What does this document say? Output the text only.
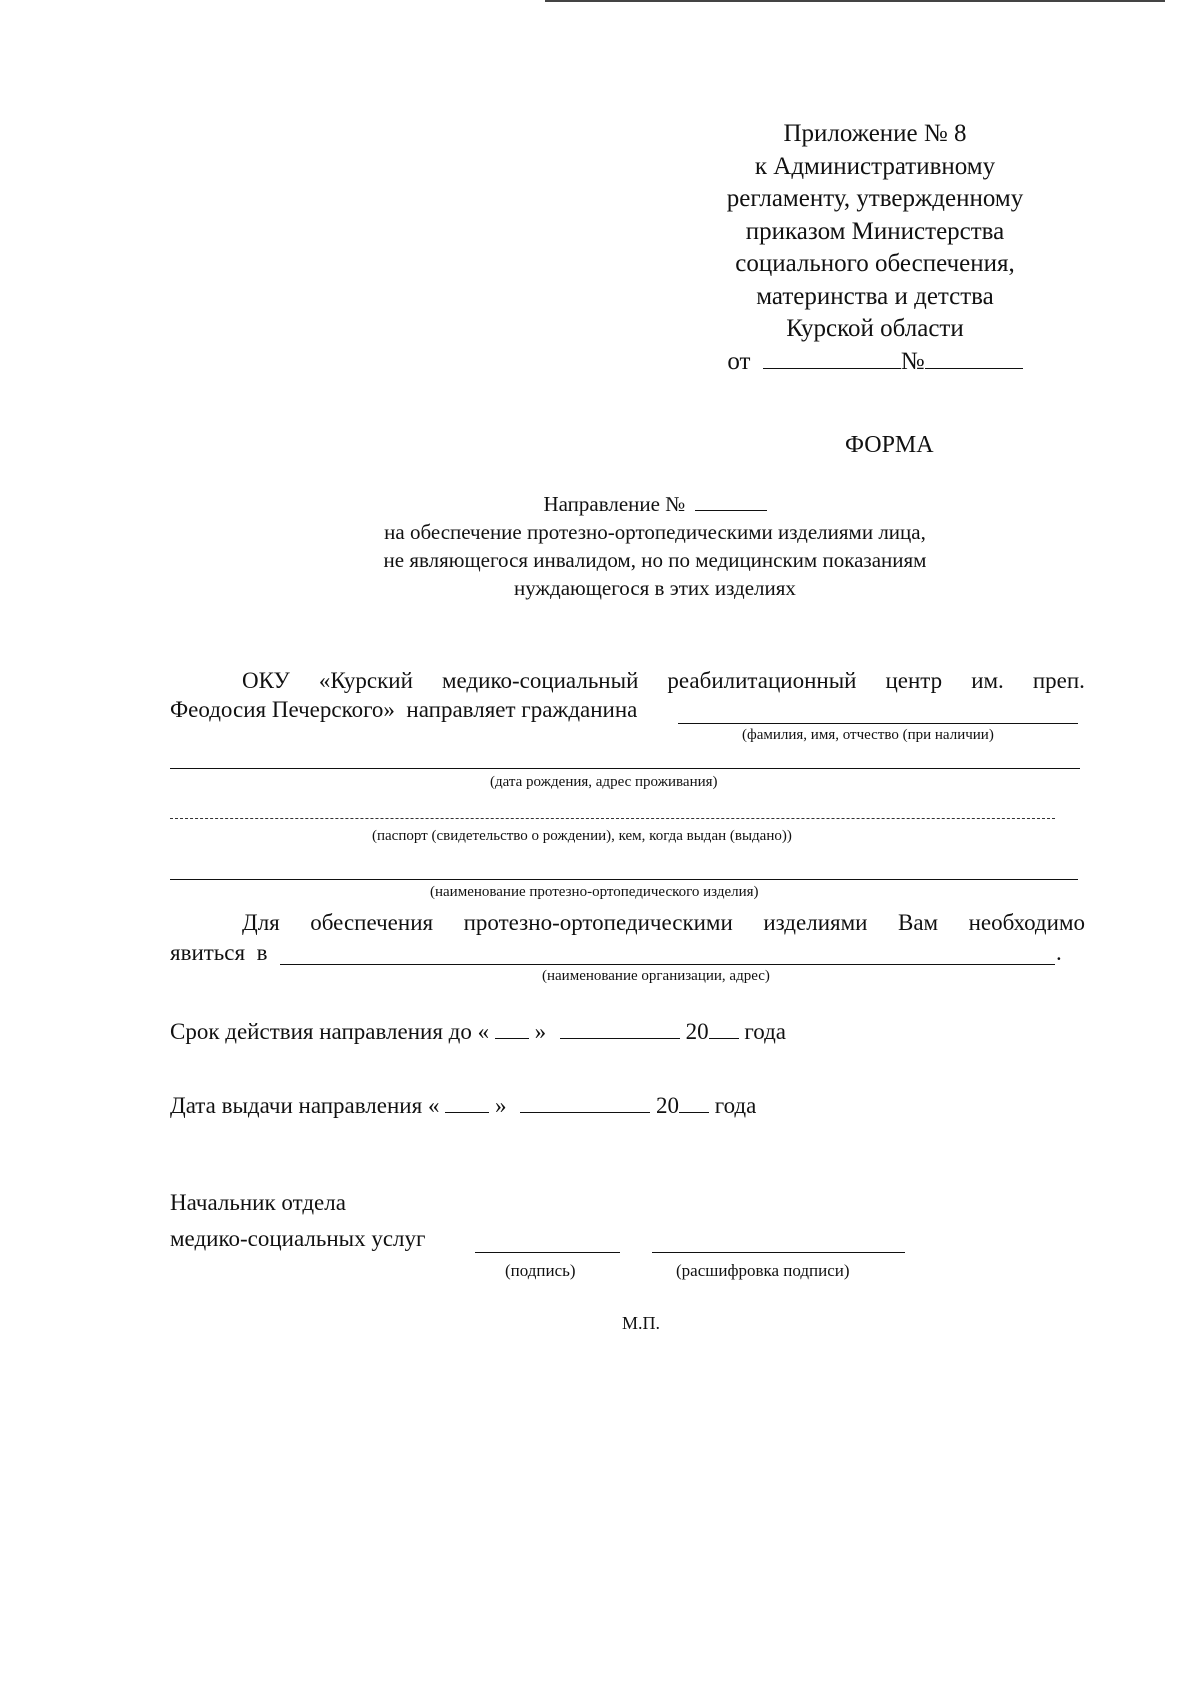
Приложение № 8
к Административному
регламенту, утвержденному
приказом Министерства
социального обеспечения,
материнства и детства
Курской области
от	№
ФОРМА
Направление №
на обеспечение протезно-ортопедическими изделиями лица,
не являющегося инвалидом, но по медицинским показаниям
нуждающегося в этих изделиях
ОКУ «Курский медико-социальный реабилитационный центр им. преп.
Феодосия Печерского»  направляет гражданина
(фамилия, имя, отчество (при наличии)
(дата рождения, адрес проживания)
(паспорт (свидетельство о рождении), кем, когда выдан (выдано))
(наименование протезно-ортопедического изделия)
Для обеспечения протезно-ортопедическими изделиями Вам необходимо
явиться  в	.
(наименование организации, адрес)
Срок действия направления до « »	20 года
Дата выдачи направления « »	20 года
Начальник отдела
медико-социальных услуг
(подпись)	(расшифровка подписи)
М.П.
